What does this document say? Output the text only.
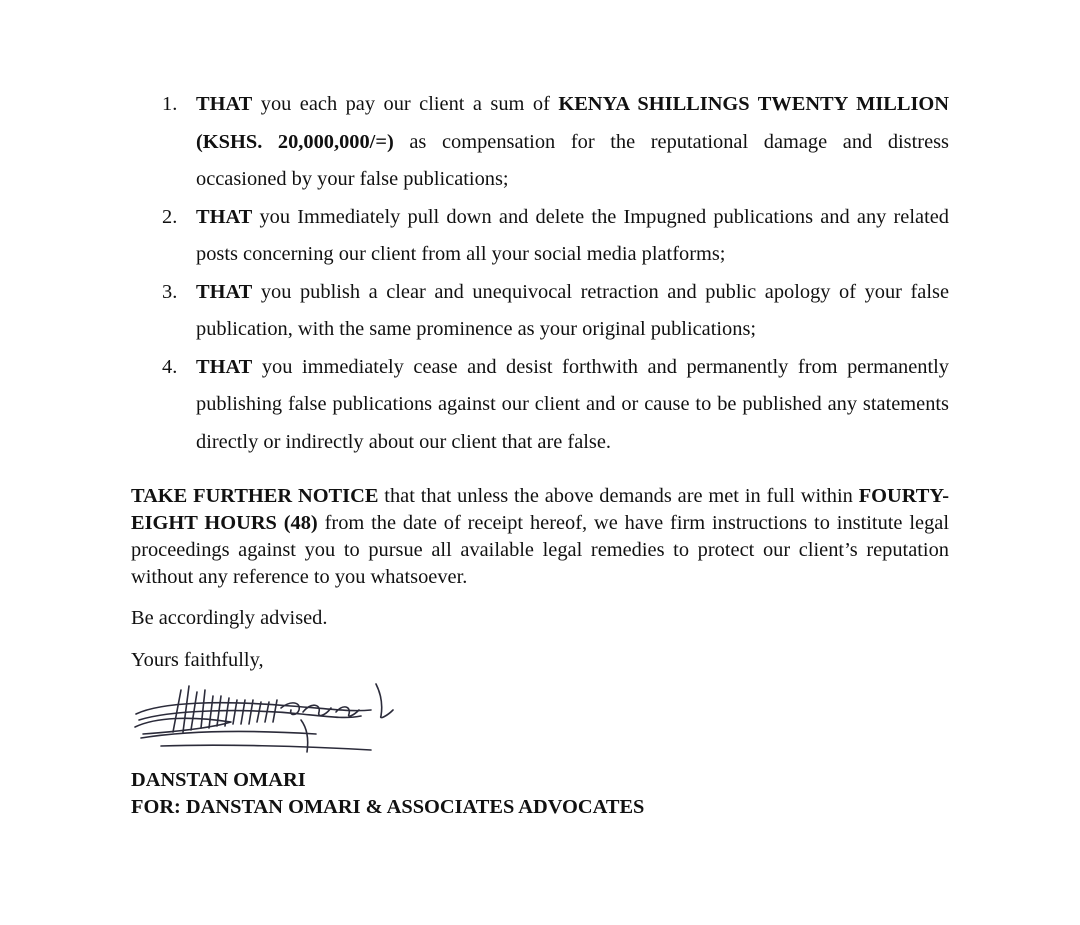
1. THAT you each pay our client a sum of KENYA SHILLINGS TWENTY MILLION (KSHS. 20,000,000/=) as compensation for the reputational damage and distress occasioned by your false publications;
2. THAT you Immediately pull down and delete the Impugned publications and any related posts concerning our client from all your social media platforms;
3. THAT you publish a clear and unequivocal retraction and public apology of your false publication, with the same prominence as your original publications;
4. THAT you immediately cease and desist forthwith and permanently from permanently publishing false publications against our client and or cause to be published any statements directly or indirectly about our client that are false.

TAKE FURTHER NOTICE that that unless the above demands are met in full within FOURTY-EIGHT HOURS (48) from the date of receipt hereof, we have firm instructions to institute legal proceedings against you to pursue all available legal remedies to protect our client’s reputation without any reference to you whatsoever.

Be accordingly advised.

Yours faithfully,

DANSTAN OMARI
FOR: DANSTAN OMARI & ASSOCIATES ADVOCATES
